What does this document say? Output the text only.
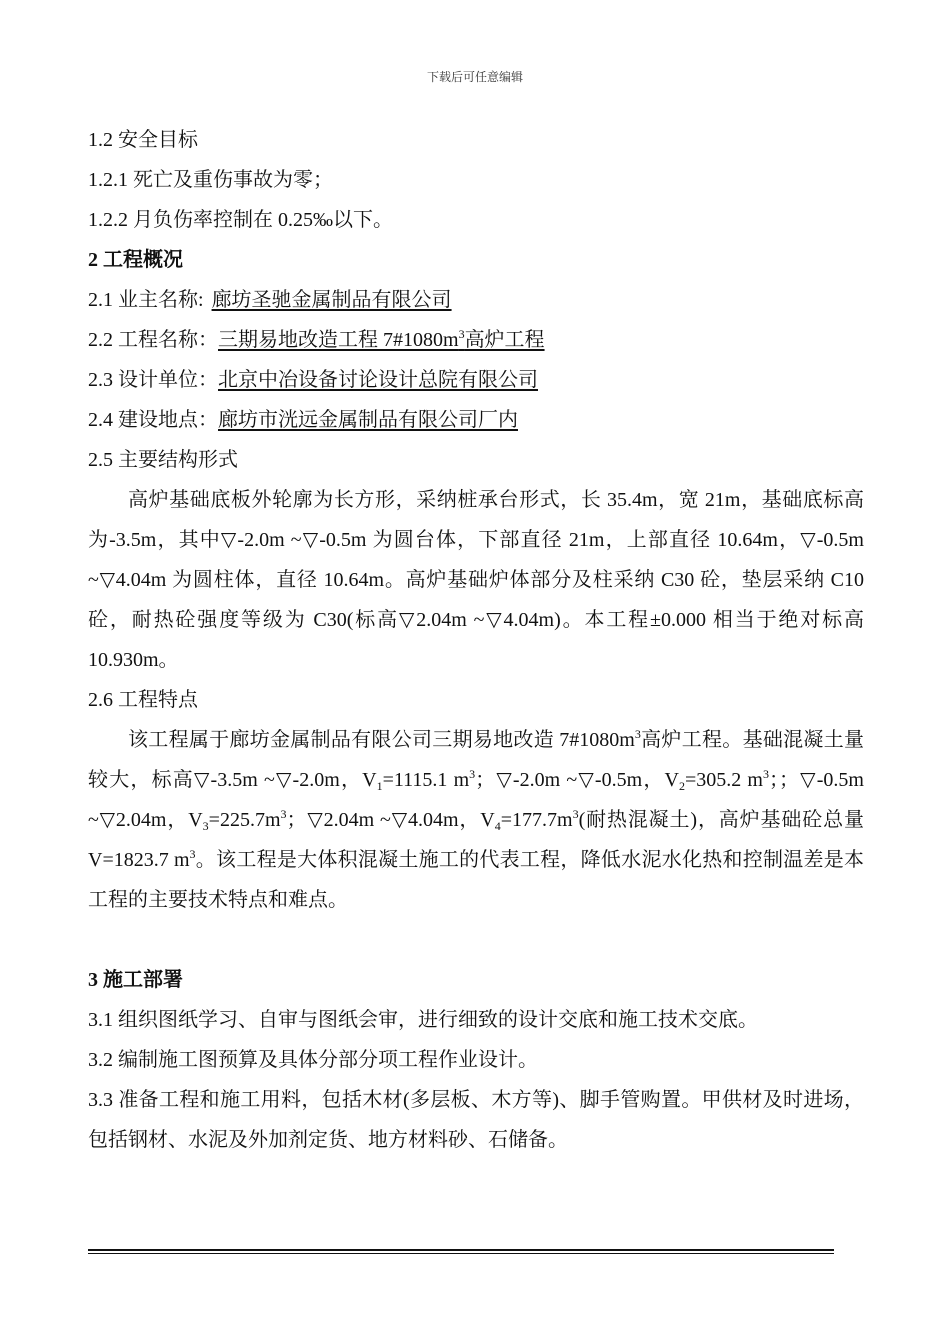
下载后可任意编辑
1.2 安全目标
1.2.1 死亡及重伤事故为零；
1.2.2 月负伤率控制在 0.25‰以下。
2 工程概况
2.1 业主名称: 廊坊圣驰金属制品有限公司
2.2 工程名称：三期易地改造工程 $7\#1080m^3$高炉工程
2.3 设计单位：北京中冶设备讨论设计总院有限公司
2.4 建设地点：廊坊市洸远金属制品有限公司厂内
2.5 主要结构形式
高炉基础底板外轮廓为长方形，采纳桩承台形式，长 35.4m，宽 21m，基础底标高为-3.5m，其中▽-2.0m ~▽-0.5m 为圆台体，下部直径 21m，上部直径 10.64m，▽-0.5m ~▽4.04m 为圆柱体，直径 10.64m。高炉基础炉体部分及柱采纳 C30 砼，垫层采纳 C10 砼，耐热砼强度等级为 C30(标高▽2.04m ~▽4.04m)。本工程±0.000 相当于绝对标高 10.930m。
2.6 工程特点
该工程属于廊坊金属制品有限公司三期易地改造 $7\#1080m^3$高炉工程。基础混凝土量较大，标高▽-3.5m ~▽-2.0m，$V_1=1115.1$ $m^3$；▽-2.0m ~▽-0.5m，$V_2=305.2$ $m^3$；；▽-0.5m ~▽2.04m，$V_3=225.7m^3$；▽2.04m ~▽4.04m，$V_4=177.7m^3$(耐热混凝土)，高炉基础砼总量 V=1823.7 $m^3$。该工程是大体积混凝土施工的代表工程，降低水泥水化热和控制温差是本工程的主要技术特点和难点。
3 施工部署
3.1 组织图纸学习、自审与图纸会审，进行细致的设计交底和施工技术交底。
3.2 编制施工图预算及具体分部分项工程作业设计。
3.3 准备工程和施工用料，包括木材(多层板、木方等)、脚手管购置。甲供材及时进场，包括钢材、水泥及外加剂定货、地方材料砂、石储备。
